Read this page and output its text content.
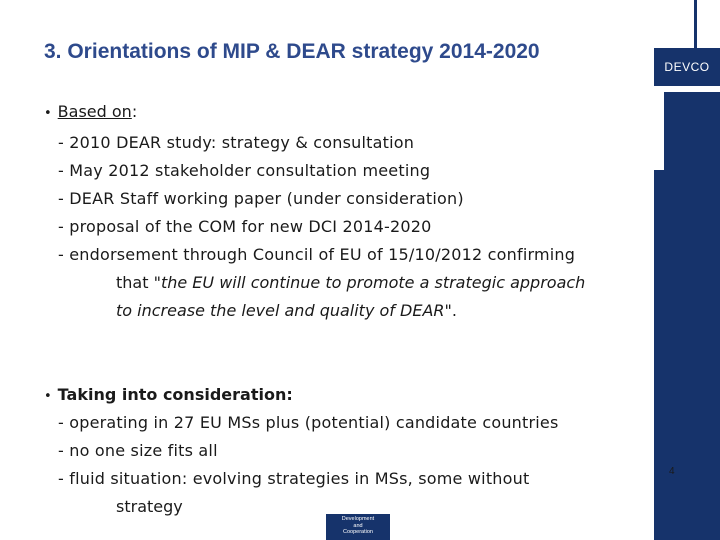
3. Orientations of MIP & DEAR strategy 2014-2020
DEVCO
• Based on:
- 2010 DEAR study: strategy & consultation
- May 2012 stakeholder consultation meeting
- DEAR Staff working paper (under consideration)
- proposal of the COM for new DCI 2014-2020
- endorsement through Council of EU of 15/10/2012 confirming
that "the EU will continue to promote a strategic approach
to increase the level and quality of DEAR".
• Taking into consideration:
- operating in 27 EU MSs plus (potential) candidate countries
- no one size fits all
- fluid situation: evolving strategies in MSs, some without
strategy
4
Development
and
Cooperation
